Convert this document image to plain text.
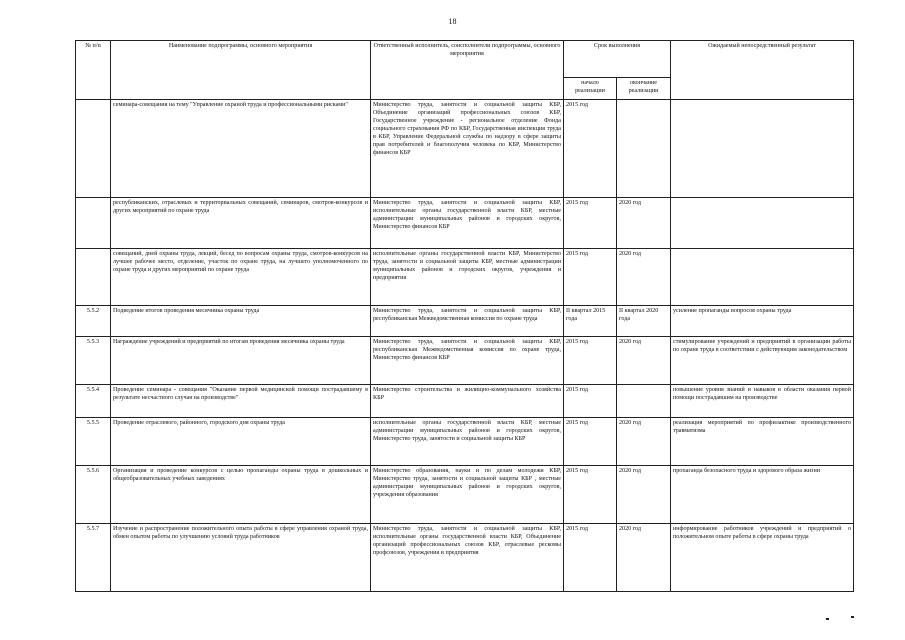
18
№ п/п	Наименование подпрограммы, основного мероприятия	Ответственный исполнитель, соисполнители подпрограммы, основного мероприятия	Срок выполнения		Ожидаемый непосредственный результат
			начало реализации	окончание реализации	
	семинара-совещания на тему "Управление охраной труда и профессиональными рисками"	Министерство труда, занятости и социальной защиты КБР, Объединение организаций профессиональных союзов КБР, Государственное учреждение - региональное отделение Фонда социального страхования РФ по КБР, Государственная инспекция труда в КБР, Управление Федеральной службы по надзору в сфере защиты прав потребителей и благополучия человека по КБР, Министерство финансов КБР	2015 год		
	республиканских, отраслевых и территориальных совещаний, семинаров, смотров-конкурсов и других мероприятий по охране труда	Министерство труда, занятости и социальной защиты КБР, исполнительные органы государственной власти КБР, местные администрации муниципальных районов и городских округов, Министерство финансов КБР	2015 год	2020 год	
	совещаний, дней охраны труда, лекций, бесед по вопросам охраны труда, смотров-конкурсов на лучшее рабочее место, отделение, участок по охране труда, на лучшего уполномоченного по охране труда и других мероприятий по охране труда	исполнительные органы государственной власти КБР, Министерство труда, занятости и социальной защиты КБР, местные администрации муниципальных районов и городских округов, учреждения и предприятия	2015 год	2020 год	
5.5.2	Подведение итогов проведения месячника охраны труда	Министерство труда, занятости и социальной защиты КБР, республиканская Межведомственная комиссия по охране труда	II квартал 2015 года	II квартал 2020 года	усиление пропаганды вопросов охраны труда
5.5.3	Награждение учреждений и предприятий по итогам проведения месячника охраны труда	Министерство труда, занятости и социальной защиты КБР, республиканская Межведомственная комиссия по охране труда, Министерство финансов КБР	2015 год	2020 год	стимулирование учреждений и предприятий в организации работы по охране труда в соответствии с действующим законодательством
5.5.4	Проведение семинара - совещания "Оказание первой медицинской помощи пострадавшему в результате несчастного случая на производстве"	Министерство строительства и жилищно-коммунального хозяйства КБР	2015 год		повышение уровня знаний и навыков в области оказания первой помощи пострадавшим на производстве
5.5.5	Проведение отраслевого, районного, городского дня охраны труда	исполнительные органы государственной власти КБР, местные администрации муниципальных районов и городских округов, Министерство труда, занятости и социальной защиты КБР	2015 год	2020 год	реализация мероприятий по профилактике производственного травматизма
5.5.6	Организация и проведение конкурсов с целью пропаганды охраны труда в дошкольных и общеобразовательных учебных заведениях	Министерство образования, науки и по делам молодежи КБР, Министерство труда, занятости и социальной защиты КБР , местные администрации муниципальных районов и городских округов, учреждения образования	2015 год	2020 год	пропаганда безопасного труда и здорового образа жизни
5.5.7	Изучение и распространение положительного опыта работы в сфере управления охраной труда, обмен опытом работы по улучшению условий труда работников	Министерство труда, занятости и социальной защиты КБР, исполнительные органы государственной власти КБР, Объединение организаций профессиональных союзов КБР, отраслевые рескомы профсоюзов, учреждения и предприятия	2015 год	2020 год	информирование работников учреждений и предприятий о положительном опыте работы в сфере охраны труда
